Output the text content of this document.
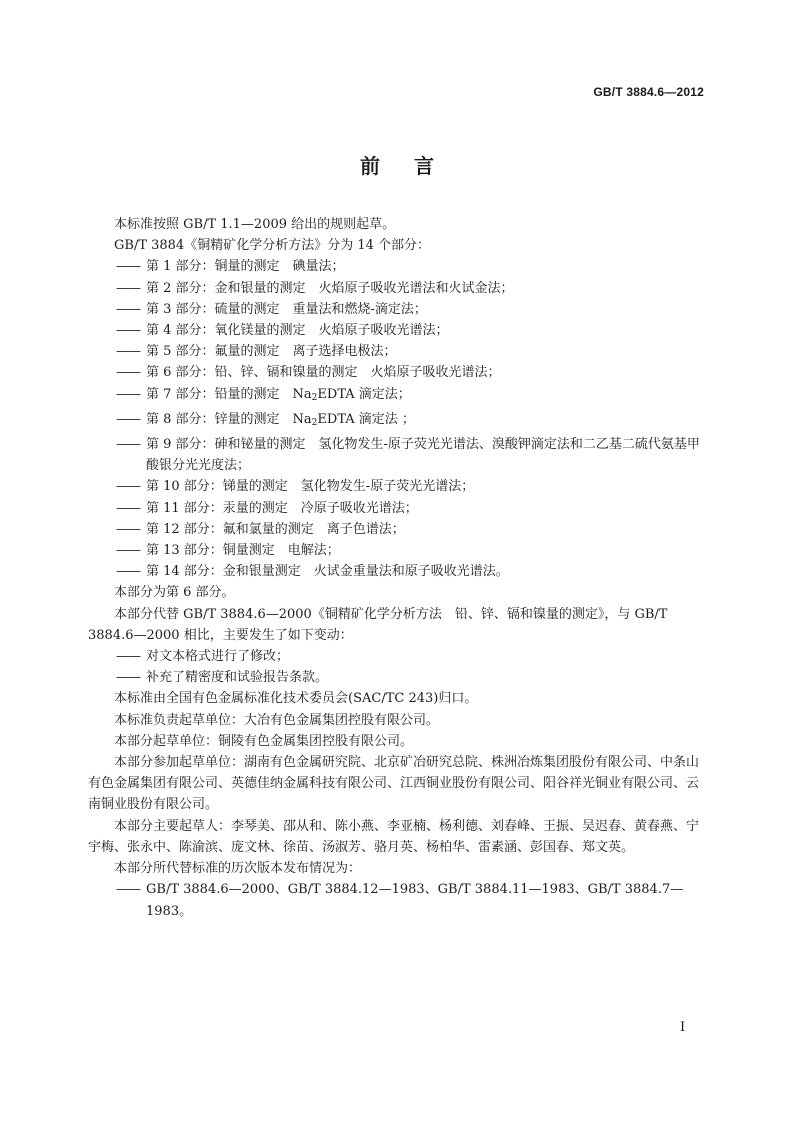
GB/T 3884.6—2012
前言

本标准按照 GB/T 1.1—2009 给出的规则起草。

GB/T 3884《铜精矿化学分析方法》分为 14 个部分：

—— 第 1 部分：铜量的测定　碘量法；

—— 第 2 部分：金和银量的测定　火焰原子吸收光谱法和火试金法；

—— 第 3 部分：硫量的测定　重量法和燃烧-滴定法；

—— 第 4 部分：氧化镁量的测定　火焰原子吸收光谱法；

—— 第 5 部分：氟量的测定　离子选择电极法；

—— 第 6 部分：铅、锌、镉和镍量的测定　火焰原子吸收光谱法；

—— 第 7 部分：铅量的测定　$Na_2EDTA$ 滴定法；

—— 第 8 部分：锌量的测定　$Na_2EDTA$ 滴定法 ；

—— 第 9 部分：砷和铋量的测定　氢化物发生-原子荧光光谱法、溴酸钾滴定法和二乙基二硫代氨基甲酸银分光光度法；

—— 第 10 部分：锑量的测定　氢化物发生-原子荧光光谱法；

—— 第 11 部分：汞量的测定　冷原子吸收光谱法；

—— 第 12 部分：氟和氯量的测定　离子色谱法；

—— 第 13 部分：铜量测定　电解法；

—— 第 14 部分：金和银量测定　火试金重量法和原子吸收光谱法。

本部分为第 6 部分。

本部分代替 GB/T 3884.6—2000《铜精矿化学分析方法　铅、锌、镉和镍量的测定》，与 GB/T 3884.6—2000 相比，主要发生了如下变动：

—— 对文本格式进行了修改；

—— 补充了精密度和试验报告条款。

本标准由全国有色金属标准化技术委员会(SAC/TC 243)归口。

本标准负责起草单位：大冶有色金属集团控股有限公司。

本部分起草单位：铜陵有色金属集团控股有限公司。

本部分参加起草单位：湖南有色金属研究院、北京矿冶研究总院、株洲冶炼集团股份有限公司、中条山有色金属集团有限公司、英德佳纳金属科技有限公司、江西铜业股份有限公司、阳谷祥光铜业有限公司、云南铜业股份有限公司。

本部分主要起草人：李琴美、邵从和、陈小燕、李亚楠、杨利德、刘春峰、王振、吴迟春、黄春燕、宁宇梅、张永中、陈渝滨、庞文林、徐苗、汤淑芳、骆月英、杨柏华、雷素涵、彭国春、郑文英。

本部分所代替标准的历次版本发布情况为：

—— GB/T 3884.6—2000、GB/T 3884.12—1983、GB/T 3884.11—1983、GB/T 3884.7—1983。

I
